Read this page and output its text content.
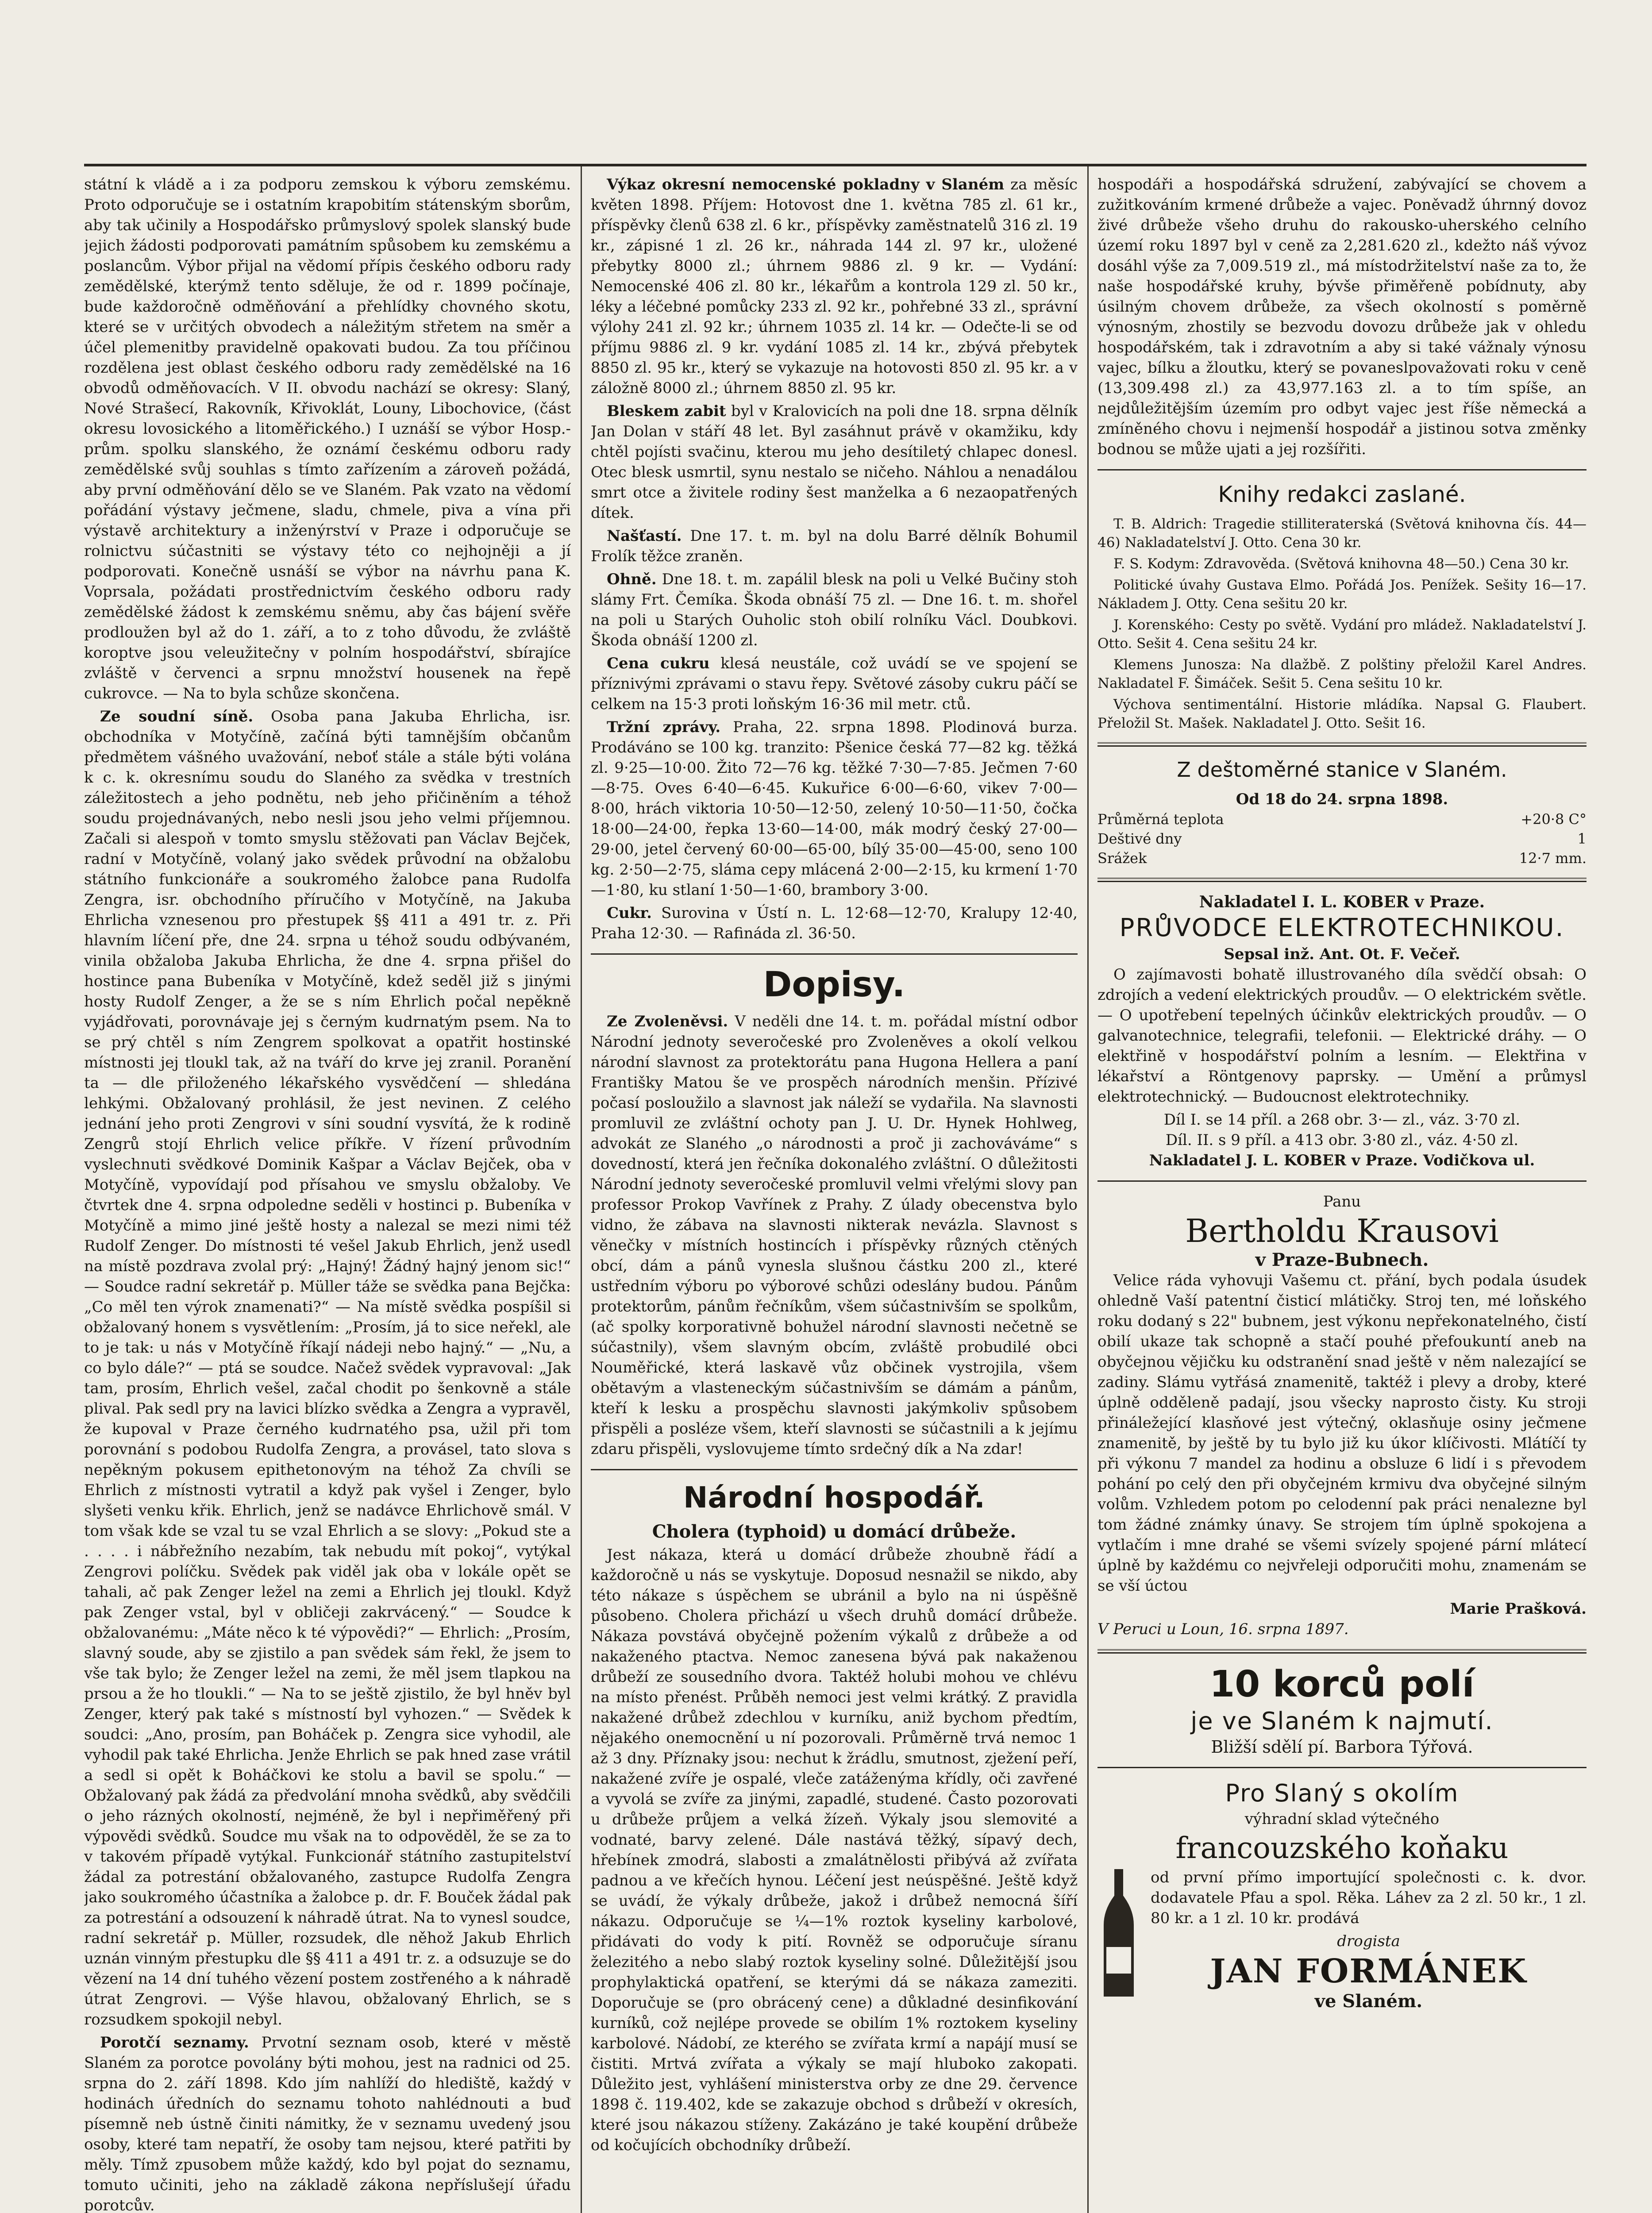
státní k vládě a i za podporu zemskou k výboru zemskému. Proto odporučuje se i ostatním krapobitím státenským sborům, aby tak učinily a Hospodářsko průmyslový spolek slanský bude jejich žádosti podporovati památním spůsobem ku zemskému a poslancům. Výbor přijal na vědomí přípis českého odboru rady zemědělské, kterýmž tento sděluje, že od r. 1899 počínaje, bude každoročně odměňování a přehlídky chovného skotu, které se v určitých obvodech a náležitým střetem na směr a účel plemenitby pravidelně opakovati budou. Za tou příčinou rozdělena jest oblast českého odboru rady zemědělské na 16 obvodů odměňovacích. V II. obvodu nachází se okresy: Slaný, Nové Strašecí, Rakovník, Křivoklát, Louny, Libochovice, (část okresu lovosického a litoměřického.) I uznáší se výbor Hosp.-prům. spolku slanského, že oznámí českému odboru rady zemědělské svůj souhlas s tímto zařízením a zároveň požádá, aby první odměňování dělo se ve Slaném. Pak vzato na vědomí pořádání výstavy ječmene, sladu, chmele, piva a vína při výstavě architektury a inženýrství v Praze i odporučuje se rolnictvu súčastniti se výstavy této co nejhojněji a jí podporovati. Konečně usnáší se výbor na návrhu pana K. Voprsala, požádati prostřednictvím českého odboru rady zemědělské žádost k zemskému sněmu, aby čas bájení svěře prodloužen byl až do 1. září, a to z toho důvodu, že zvláště koroptve jsou veleužitečny v polním hospodářství, sbírajíce zvláště v červenci a srpnu množství housenek na řepě cukrovce. — Na to byla schůze skončena.

Ze soudní síně. Osoba pana Jakuba Ehrlicha, isr. obchodníka v Motyčíně, začíná býti tamnějším občanům předmětem vášného uvažování, neboť stále a stále býti volána k c. k. okresnímu soudu do Slaného za svědka v trestních záležitostech a jeho podnětu, neb jeho přičiněním a téhož soudu projednávaných, nebo nesli jsou jeho velmi příjemnou. Začali si alespoň v tomto smyslu stěžovati pan Václav Bejček, radní v Motyčíně, volaný jako svědek průvodní na obžalobu státního funkcionáře a soukromého žalobce pana Rudolfa Zengra, isr. obchodního příručího v Motyčíně, na Jakuba Ehrlicha vznesenou pro přestupek §§ 411 a 491 tr. z. Při hlavním líčení pře, dne 24. srpna u téhož soudu odbývaném, vinila obžaloba Jakuba Ehrlicha, že dne 4. srpna přišel do hostince pana Bubeníka v Motyčíně, kdež seděl již s jinými hosty Rudolf Zenger, a že se s ním Ehrlich počal nepěkně vyjádřovati, porovnávaje jej s černým kudrnatým psem. Na to se prý chtěl s ním Zengrem spolkovat a opatřit hostinské místnosti jej tloukl tak, až na tváří do krve jej zranil. Poranění ta — dle přiloženého lékařského vysvědčení — shledána lehkými. Obžalovaný prohlásil, že jest nevinen. Z celého jednání jeho proti Zengrovi v síni soudní vysvítá, že k rodině Zengrů stojí Ehrlich velice příkře. V řízení průvodním vyslechnuti svědkové Dominik Kašpar a Václav Bejček, oba v Motyčíně, vypovídají pod přísahou ve smyslu obžaloby. Ve čtvrtek dne 4. srpna odpoledne seděli v hostinci p. Bubeníka v Motyčíně a mimo jiné ještě hosty a nalezal se mezi nimi též Rudolf Zenger. Do místnosti té vešel Jakub Ehrlich, jenž usedl na místě pozdrava zvolal prý: „Hajný! Žádný hajný jenom sic!“ — Soudce radní sekretář p. Müller táže se svědka pana Bejčka: „Co měl ten výrok znamenati?“ — Na místě svědka pospíšil si obžalovaný honem s vysvětlením: „Prosím, já to sice neřekl, ale to je tak: u nás v Motyčíně říkají nádeji nebo hajný.“ — „Nu, a co bylo dále?“ — ptá se soudce. Načež svědek vypravoval: „Jak tam, prosím, Ehrlich vešel, začal chodit po šenkovně a stále plival. Pak sedl pry na lavici blízko svědka a Zengra a vypravěl, že kupoval v Praze černého kudrnatého psa, užil při tom porovnání s podobou Rudolfa Zengra, a provásel, tato slova s nepěkným pokusem epithetonovým na téhož Za chvíli se Ehrlich z místnosti vytratil a když pak vyšel i Zenger, bylo slyšeti venku křik. Ehrlich, jenž se nadávce Ehrlichově smál. V tom však kde se vzal tu se vzal Ehrlich a se slovy: „Pokud ste a . . . . i nábřežního nezabím, tak nebudu mít pokoj“, vytýkal Zengrovi políčku. Svědek pak viděl jak oba v lokále opět se tahali, ač pak Zenger ležel na zemi a Ehrlich jej tloukl. Když pak Zenger vstal, byl v obličeji zakrvácený.“ — Soudce k obžalovanému: „Máte něco k té výpovědi?“ — Ehrlich: „Prosím, slavný soude, aby se zjistilo a pan svědek sám řekl, že jsem to vše tak bylo; že Zenger ležel na zemi, že měl jsem tlapkou na prsou a že ho tloukli.“ — Na to se ještě zjistilo, že byl hněv byl Zenger, který pak také s místností byl vyhozen.“ — Svědek k soudci: „Ano, prosím, pan Boháček p. Zengra sice vyhodil, ale vyhodil pak také Ehrlicha. Jenže Ehrlich se pak hned zase vrátil a sedl si opět k Boháčkovi ke stolu a bavil se spolu.“ — Obžalovaný pak žádá za předvolání mnoha svědků, aby svědčili o jeho rázných okolností, nejméně, že byl i nepřiměřený při výpovědi svědků. Soudce mu však na to odpověděl, že se za to v takovém případě vytýkal. Funkcionář státního zastupitelství žádal za potrestání obžalovaného, zastupce Rudolfa Zengra jako soukromého účastníka a žalobce p. dr. F. Bouček žádal pak za potrestání a odsouzení k náhradě útrat. Na to vynesl soudce, radní sekretář p. Müller, rozsudek, dle něhož Jakub Ehrlich uznán vinným přestupku dle §§ 411 a 491 tr. z. a odsuzuje se do vězení na 14 dní tuhého vězení postem zostřeného a k náhradě útrat Zengrovi. — Výše hlavou, obžalovaný Ehrlich, se s rozsudkem spokojil nebyl.

Porotčí seznamy. Prvotní seznam osob, které v městě Slaném za porotce povolány býti mohou, jest na radnici od 25. srpna do 2. září 1898. Kdo jím nahlíží do hlediště, každý v hodinách úředních do seznamu tohoto nahlédnouti a buď písemně neb ústně činiti námitky, že v seznamu uvedený jsou osoby, které tam nepatří, že osoby tam nejsou, které patřiti by měly. Tímž zpusobem může každý, kdo byl pojat do seznamu, tomuto učiniti, jeho na základě zákona nepříslušejí úřadu porotcův.

Výkaz okresní nemocenské pokladny v Slaném za měsíc květen 1898. Příjem: Hotovost dne 1. května 785 zl. 61 kr., příspěvky členů 638 zl. 6 kr., příspěvky zaměstnatelů 316 zl. 19 kr., zápisné 1 zl. 26 kr., náhrada 144 zl. 97 kr., uložené přebytky 8000 zl.; úhrnem 9886 zl. 9 kr. — Vydání: Nemocenské 406 zl. 80 kr., lékařům a kontrola 129 zl. 50 kr., léky a léčebné pomůcky 233 zl. 92 kr., pohřebné 33 zl., správní výlohy 241 zl. 92 kr.; úhrnem 1035 zl. 14 kr. — Odečte-li se od příjmu 9886 zl. 9 kr. vydání 1085 zl. 14 kr., zbývá přebytek 8850 zl. 95 kr., který se vykazuje na hotovosti 850 zl. 95 kr. a v záložně 8000 zl.; úhrnem 8850 zl. 95 kr.

Bleskem zabit byl v Kralovicích na poli dne 18. srpna dělník Jan Dolan v stáří 48 let. Byl zasáhnut právě v okamžiku, kdy chtěl pojísti svačinu, kterou mu jeho desítiletý chlapec donesl. Otec blesk usmrtil, synu nestalo se ničeho. Náhlou a nenadálou smrt otce a živitele rodiny šest manželka a 6 nezaopatřených dítek.

Našťastí. Dne 17. t. m. byl na dolu Barré dělník Bohumil Frolík těžce zraněn.

Ohně. Dne 18. t. m. zapálil blesk na poli u Velké Bučiny stoh slámy Frt. Čemíka. Škoda obnáší 75 zl. — Dne 16. t. m. shořel na poli u Starých Ouholic stoh obilí rolníku Václ. Doubkovi. Škoda obnáší 1200 zl.

Cena cukru klesá neustále, což uvádí se ve spojení se příznivými zprávami o stavu řepy. Světové zásoby cukru páčí se celkem na 15·3 proti loňským 16·36 mil metr. ctů.

Tržní zprávy. Praha, 22. srpna 1898. Plodinová burza. Prodáváno se 100 kg. tranzito: Pšenice česká 77—82 kg. těžká zl. 9·25—10·00. Žito 72—76 kg. těžké 7·30—7·85. Ječmen 7·60—8·75. Oves 6·40—6·45. Kukuřice 6·00—6·60, vikev 7·00—8·00, hrách viktoria 10·50—12·50, zelený 10·50—11·50, čočka 18·00—24·00, řepka 13·60—14·00, mák modrý český 27·00—29·00, jetel červený 60·00—65·00, bílý 35·00—45·00, seno 100 kg. 2·50—2·75, sláma cepy mlácená 2·00—2·15, ku krmení 1·70—1·80, ku stlaní 1·50—1·60, brambory 3·00.

Cukr. Surovina v Ústí n. L. 12·68—12·70, Kralupy 12·40, Praha 12·30. — Rafináda zl. 36·50.

Dopisy.

Ze Zvoleněvsi. V neděli dne 14. t. m. pořádal místní odbor Národní jednoty severočeské pro Zvoleněves a okolí velkou národní slavnost za protektorátu pana Hugona Hellera a paní Františky Matou še ve prospěch národních menšin. Přízivé počasí posloužilo a slavnost jak náleží se vydařila. Na slavnosti promluvil ze zvláštní ochoty pan J. U. Dr. Hynek Hohlweg, advokát ze Slaného „o národnosti a proč ji zachováváme“ s dovedností, která jen řečníka dokonalého zvláštní. O důležitosti Národní jednoty severočeské promluvil velmi vřelými slovy pan professor Prokop Vavřínek z Prahy. Z úlady obecenstva bylo vidno, že zábava na slavnosti nikterak nevázla. Slavnost s věnečky v místních hostincích i příspěvky různých ctěných obcí, dám a pánů vynesla slušnou částku 200 zl., které ustředním výboru po výborové schůzi odeslány budou. Pánům protektorům, pánům řečníkům, všem súčastnivším se spolkům, (ač spolky korporativně bohužel národní slavnosti nečetně se súčastnily), všem slavným obcím, zvláště probudilé obci Nouměřické, která laskavě vůz občinek vystrojila, všem obětavým a vlasteneckým súčastnivším se dámám a pánům, kteří k lesku a prospěchu slavnosti jakýmkoliv spůsobem přispěli a posléze všem, kteří slavnosti se súčastnili a k jejímu zdaru přispěli, vyslovujeme tímto srdečný dík a Na zdar!

Národní hospodář.
Cholera (typhoid) u domácí drůbeže.

Jest nákaza, která u domácí drůbeže zhoubně řádí a každoročně u nás se vyskytuje. Doposud nesnažil se nikdo, aby této nákaze s úspěchem se ubránil a bylo na ni úspěšně působeno. Cholera přichází u všech druhů domácí drůbeže. Nákaza povstává obyčejně požením výkalů z drůbeže a od nakaženého ptactva. Nemoc zanesena bývá pak nakaženou drůbeží ze sousedního dvora. Taktéž holubi mohou ve chlévu na místo přenést. Průběh nemoci jest velmi krátký. Z pravidla nakažené drůbež zdechlou v kurníku, aniž bychom předtím, nějakého onemocnění u ní pozorovali. Průměrně trvá nemoc 1 až 3 dny. Příznaky jsou: nechut k žrádlu, smutnost, zježení peří, nakažené zvíře je ospalé, vleče zatáženýma křídly, oči zavřené a vyvolá se zvíře za jinými, zapadlé, studené. Často pozorovati u drůbeže průjem a velká žízeň. Výkaly jsou slemovité a vodnaté, barvy zelené. Dále nastává těžký, sípavý dech, hřebínek zmodrá, slabosti a zmalátnělosti přibývá až zvířata padnou a ve křečích hynou. Léčení jest neúspěšné. Ještě když se uvádí, že výkaly drůbeže, jakož i drůbež nemocná šíří nákazu. Odporučuje se ¼—1% roztok kyseliny karbolové, přidávati do vody k pití. Rovněž se odporučuje síranu železitého a nebo slabý roztok kyseliny solné. Důležitější jsou prophylaktická opatření, se kterými dá se nákaza zameziti. Doporučuje se (pro obrácený cene) a důkladné desinfikování kurníků, což nejlépe provede se obilím 1% roztokem kyseliny karbolové. Nádobí, ze kterého se zvířata krmí a napájí musí se čistiti. Mrtvá zvířata a výkaly se mají hluboko zakopati. Důležito jest, vyhlášení ministerstva orby ze dne 29. července 1898 č. 119.402, kde se zakazuje obchod s drůbeží v okresích, které jsou nákazou stíženy. Zakázáno je také koupění drůbeže od kočujících obchodníky drůbeží.

hospodáři a hospodářská sdružení, zabývající se chovem a zužitkováním krmené drůbeže a vajec. Poněvadž úhrnný dovoz živé drůbeže všeho druhu do rakousko-uherského celního území roku 1897 byl v ceně za 2,281.620 zl., kdežto náš vývoz dosáhl výše za 7,009.519 zl., má místodržitelství naše za to, že naše hospodářské kruhy, bývše přiměřeně pobídnuty, aby úsilným chovem drůbeže, za všech okolností s poměrně výnosným, zhostily se bezvodu dovozu drůbeže jak v ohledu hospodářském, tak i zdravotním a aby si také vážnaly výnosu vajec, bílku a žloutku, který se povaneslpovažovati roku v ceně (13,309.498 zl.) za 43,977.163 zl. a to tím spíše, an nejdůležitějším územím pro odbyt vajec jest říše německá a zmíněného chovu i nejmenší hospodář a jistinou sotva změnky bodnou se může ujati a jej rozšířiti.

Knihy redakci zaslané.

T. B. Aldrich: Tragedie stilliteraterská (Světová knihovna čís. 44—46) Nakladatelství J. Otto. Cena 30 kr.

F. S. Kodym: Zdravověda. (Světová knihovna 48—50.) Cena 30 kr.

Politické úvahy Gustava Elmo. Pořádá Jos. Penížek. Sešity 16—17. Nákladem J. Otty. Cena sešitu 20 kr.

J. Korenského: Cesty po světě. Vydání pro mládež. Nakladatelství J. Otto. Sešit 4. Cena sešitu 24 kr.

Klemens Junosza: Na dlažbě. Z polštiny přeložil Karel Andres. Nakladatel F. Šimáček. Sešit 5. Cena sešitu 10 kr.

Výchova sentimentální. Historie mládíka. Napsal G. Flaubert. Přeložil St. Mašek. Nakladatel J. Otto. Sešit 16.

Z deštoměrné stanice v Slaném.
Od 18 do 24. srpna 1898.
Průměrná teplota	+20·8 C°
Deštivé dny	1
Srážek	12·7 mm.
Nakladatel I. L. KOBER v Praze.
PRŮVODCE ELEKTROTECHNIKOU.
Sepsal inž. Ant. Ot. F. Večeř.

O zajímavosti bohatě illustrovaného díla svědčí obsah: O zdrojích a vedení elektrických proudův. — O elektrickém světle. — O upotřebení tepelných účinkův elektrických proudův. — O galvanotechnice, telegrafii, telefonii. — Elektrické dráhy. — O elektřině v hospodářství polním a lesním. — Elektřina v lékařství a Röntgenovy paprsky. — Umění a průmysl elektrotechnický. — Budoucnost elektrotechniky.

Díl I. se 14 příl. a 268 obr. 3·— zl., váz. 3·70 zl.
Díl. II. s 9 příl. a 413 obr. 3·80 zl., váz. 4·50 zl.
Nakladatel J. L. KOBER v Praze. Vodičkova ul.
Panu
Bertholdu Krausovi
v Praze-Bubnech.

Velice ráda vyhovuji Vašemu ct. přání, bych podala úsudek ohledně Vaší patentní čisticí mlátičky. Stroj ten, mé loňského roku dodaný s 22" bubnem, jest výkonu nepřekonatelného, čistí obilí ukaze tak schopně a stačí pouhé přefoukuntí aneb na obyčejnou vějičku ku odstranění snad ještě v něm nalezající se zadiny. Slámu vytřásá znamenitě, taktéž i plevy a droby, které úplně odděleně padají, jsou všecky naprosto čisty. Ku stroji přináležející klasňové jest výtečný, oklasňuje osiny ječmene znamenitě, by ještě by tu bylo již ku úkor klíčivosti. Mlátíčí ty při výkonu 7 mandel za hodinu a obsluze 6 lidí i s převodem pohání po celý den při obyčejném krmivu dva obyčejné silným volům. Vzhledem potom po celodenní pak práci nenalezne byl tom žádné známky únavy. Se strojem tím úplně spokojena a vytlačím i mne drahé se všemi svízely spojené pární mlátecí úplně by každému co nejvřeleji odporučiti mohu, znamenám se se vší úctou

Marie Prašková.
V Peruci u Loun, 16. srpna 1897.
10 korců polí
je ve Slaném k najmutí.
Bližší sdělí pí. Barbora Týřová.
Pro Slaný s okolím
výhradní sklad výtečného
francouzského koňaku

od první přímo importující společnosti c. k. dvor. dodavatele Pfau a spol. Rěka. Láhev za 2 zl. 50 kr., 1 zl. 80 kr. a 1 zl. 10 kr. prodává

drogista
JAN FORMÁNEK
ve Slaném.
